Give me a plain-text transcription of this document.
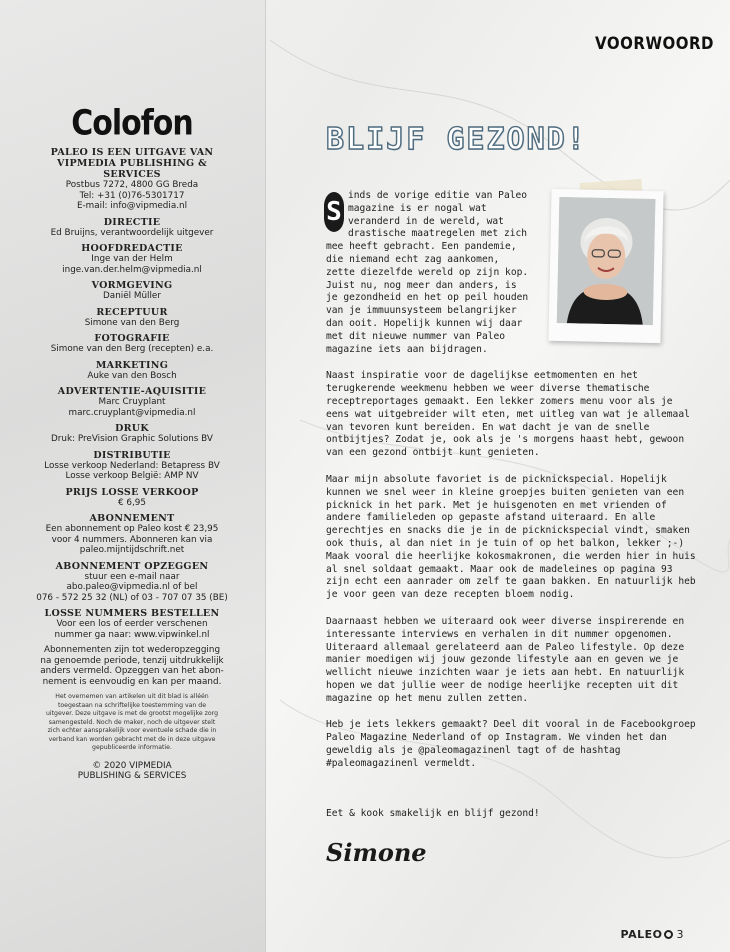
Colofon
PALEO IS EEN UITGAVE VAN
VIPMEDIA PUBLISHING & SERVICES
Postbus 7272, 4800 GG Breda
Tel: +31 (0)76-5301717
E-mail: info@vipmedia.nl
DIRECTIE
Ed Bruijns, verantwoordelijk uitgever
HOOFDREDACTIE
Inge van der Helm
inge.van.der.helm@vipmedia.nl
VORMGEVING
Daniël Müller
RECEPTUUR
Simone van den Berg
FOTOGRAFIE
Simone van den Berg (recepten) e.a.
MARKETING
Auke van den Bosch
ADVERTENTIE-AQUISITIE
Marc Cruyplant
marc.cruyplant@vipmedia.nl
DRUK
Druk: PreVision Graphic Solutions BV
DISTRIBUTIE
Losse verkoop Nederland: Betapress BV
Losse verkoop België: AMP NV
PRIJS LOSSE VERKOOP
€ 6,95
ABONNEMENT
Een abonnement op Paleo kost € 23,95
voor 4 nummers. Abonneren kan via
paleo.mijntijdschrift.net
ABONNEMENT OPZEGGEN
stuur een e-mail naar
abo.paleo@vipmedia.nl of bel
076 - 572 25 32 (NL) of 03 - 707 07 35 (BE)
LOSSE NUMMERS BESTELLEN
Voor een los of eerder verschenen
nummer ga naar: www.vipwinkel.nl
Abonnementen zijn tot wederopzegging
na genoemde periode, tenzij uitdrukkelijk
anders vermeld. Opzeggen van het abon-
nement is eenvoudig en kan per maand.
Het overnemen van artikelen uit dit blad is alléén
toegestaan na schriftelijke toestemming van de
uitgever. Deze uitgave is met de grootst mogelijke zorg
samengesteld. Noch de maker, noch de uitgever stelt
zich echter aansprakelijk voor eventuele schade die in
verband kan worden gebracht met de in deze uitgave
gepubliceerde informatie.
© 2020 VIPMEDIA
PUBLISHING & SERVICES
VOORWOORD
BLIJF GEZOND!
S
inds de vorige editie van Paleo
magazine is er nogal wat
veranderd in de wereld, wat
drastische maatregelen met zich
mee heeft gebracht. Een pandemie,
die niemand echt zag aankomen,
zette diezelfde wereld op zijn kop.
Juist nu, nog meer dan anders, is
je gezondheid en het op peil houden
van je immuunsysteem belangrijker
dan ooit. Hopelijk kunnen wij daar
met dit nieuwe nummer van Paleo
magazine iets aan bijdragen.

Naast inspiratie voor de dagelijkse eetmomenten en het terugkerende weekmenu hebben we weer diverse thematische receptreportages gemaakt. Een lekker zomers menu voor als je eens wat uitgebreider wilt eten, met uitleg van wat je allemaal van tevoren kunt bereiden. En wat dacht je van de snelle ontbijtjes? Zodat je, ook als je 's morgens haast hebt, gewoon van een gezond ontbijt kunt genieten.

Maar mijn absolute favoriet is de picknickspecial. Hopelijk kunnen we snel weer in kleine groepjes buiten genieten van een picknick in het park. Met je huisgenoten en met vrienden of andere familieleden op gepaste afstand uiteraard. En alle gerechtjes en snacks die je in de picknickspecial vindt, smaken ook thuis, al dan niet in je tuin of op het balkon, lekker ;-) Maak vooral die heerlijke kokosmakronen, die werden hier in huis al snel soldaat gemaakt. Maar ook de madeleines op pagina 93 zijn echt een aanrader om zelf te gaan bakken. En natuurlijk heb je voor geen van deze recepten bloem nodig.

Daarnaast hebben we uiteraard ook weer diverse inspirerende en interessante interviews en verhalen in dit nummer opgenomen. Uiteraard allemaal gerelateerd aan de Paleo lifestyle. Op deze manier moedigen wij jouw gezonde lifestyle aan en geven we je wellicht nieuwe inzichten waar je iets aan hebt. En natuurlijk hopen we dat jullie weer de nodige heerlijke recepten uit dit magazine op het menu zullen zetten.

Heb je iets lekkers gemaakt? Deel dit vooral in de Facebookgroep Paleo Magazine Nederland of op Instagram. We vinden het dan geweldig als je @paleomagazinenl tagt of de hashtag #paleomagazinenl vermeldt.

Eet & kook smakelijk en blijf gezond!
Simone
PALEO 3
